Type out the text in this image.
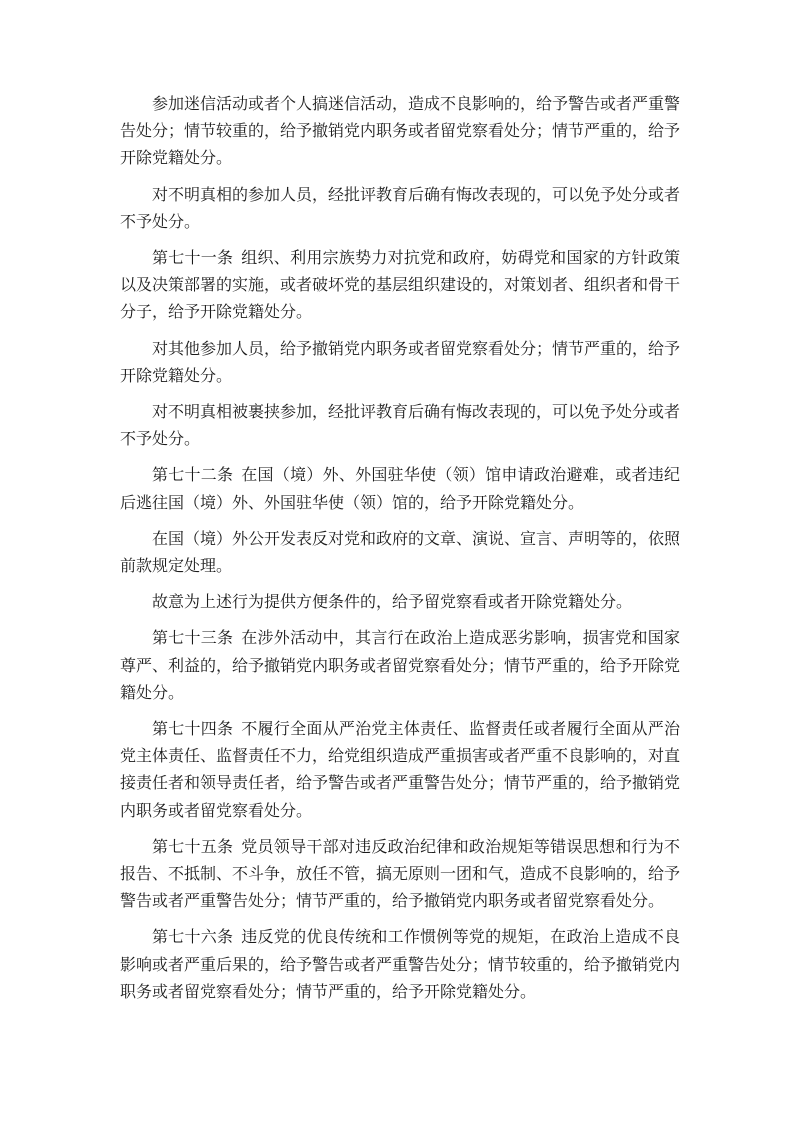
参加迷信活动或者个人搞迷信活动，造成不良影响的，给予警告或者严重警告处分；情节较重的，给予撤销党内职务或者留党察看处分；情节严重的，给予开除党籍处分。

对不明真相的参加人员，经批评教育后确有悔改表现的，可以免予处分或者不予处分。

第七十一条 组织、利用宗族势力对抗党和政府，妨碍党和国家的方针政策以及决策部署的实施，或者破坏党的基层组织建设的，对策划者、组织者和骨干分子，给予开除党籍处分。

对其他参加人员，给予撤销党内职务或者留党察看处分；情节严重的，给予开除党籍处分。

对不明真相被裹挟参加，经批评教育后确有悔改表现的，可以免予处分或者不予处分。

第七十二条 在国（境）外、外国驻华使（领）馆申请政治避难，或者违纪后逃往国（境）外、外国驻华使（领）馆的，给予开除党籍处分。

在国（境）外公开发表反对党和政府的文章、演说、宣言、声明等的，依照前款规定处理。

故意为上述行为提供方便条件的，给予留党察看或者开除党籍处分。

第七十三条 在涉外活动中，其言行在政治上造成恶劣影响，损害党和国家尊严、利益的，给予撤销党内职务或者留党察看处分；情节严重的，给予开除党籍处分。

第七十四条 不履行全面从严治党主体责任、监督责任或者履行全面从严治党主体责任、监督责任不力，给党组织造成严重损害或者严重不良影响的，对直接责任者和领导责任者，给予警告或者严重警告处分；情节严重的，给予撤销党内职务或者留党察看处分。

第七十五条 党员领导干部对违反政治纪律和政治规矩等错误思想和行为不报告、不抵制、不斗争，放任不管，搞无原则一团和气，造成不良影响的，给予警告或者严重警告处分；情节严重的，给予撤销党内职务或者留党察看处分。

第七十六条 违反党的优良传统和工作惯例等党的规矩，在政治上造成不良影响或者严重后果的，给予警告或者严重警告处分；情节较重的，给予撤销党内职务或者留党察看处分；情节严重的，给予开除党籍处分。
